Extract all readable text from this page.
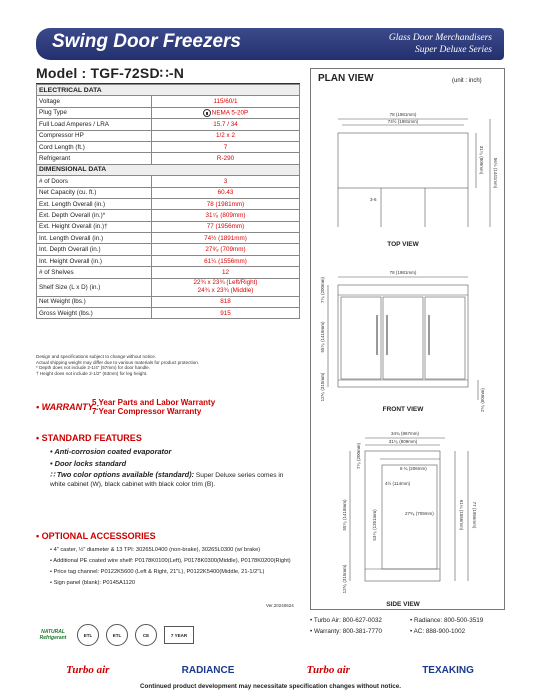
Swing Door Freezers	Glass Door Merchandisers
Super Deluxe Series
Model : TGF-72SD∷-N
ELECTRICAL DATA	
Voltage	115/60/1
Plug Type	NEMA 5-20P
Full Load Amperes / LRA	15.7 / 34
Compressor HP	1/2 x 2
Cord Length (ft.)	7
Refrigerant	R-290
DIMENSIONAL DATA	
# of Doors	3
Net Capacity (cu. ft.)	60.43
Ext. Length Overall (in.)	78 (1981mm)
Ext. Depth Overall (in.)*	31⁷⁄₈ (809mm)
Ext. Height Overall (in.)†	77 (1956mm)
Int. Length Overall (in.)	74½ (1891mm)
Int. Depth Overall (in.)	27⁸⁄₈ (709mm)
Int. Height Overall (in.)	61¼ (1556mm)
# of Shelves	12
Shelf Size (L x D) (in.)	22¾ x 23¾ (Left/Right)
24¾ x 23¾ (Middle)

Net Weight (lbs.)	818
Gross Weight (lbs.)	915
Design and specifications subject to change without notice.
Actual shipping weight may differ due to various materials for product protection.
* Depth does not include 2-1/4" (57mm) for door handle.
† Height does not include 2-1/2" (63mm) for leg height.
• WARRANTY :
5 Year Parts and Labor Warranty
7 Year Compressor Warranty
• STANDARD FEATURES
• Anti-corrosion coated evaporator
• Door locks standard
∷ Two color options available (standard): Super Deluxe series comes in white cabinet (W), black cabinet with black color trim (B).
• OPTIONAL ACCESSORIES
• 4" caster, ½" diameter & 13 TPI: 30265L0400 (non-brake), 30265L0300 (w/ brake)
• Additional PE coated wire shelf: P0178K0100(Left), P0178K0300(Middle), P0178K0200(Right)
• Price tag channel: P0122K5600 (Left & Right, 21"L), P0122K5400(Middle, 21-1/2"L)
• Sign panel (blank): P0145A1120
Ver.20240624
PLAN VIEW	(unit : inch)
78 (1981mm)
74½ (1891mm)
3-6
31⁷⁄₈ (809mm) 56½ (1441mm)
78 (1981mm)
7⁷⁄₈ (200mm)
55⁷⁄₈ (1418mm)
12⁸⁄₈ (315mm)	2⁶⁄₈ (60mm)
34¾ (867mm)
31⁷⁄₈ (809mm)
8 ¾ (206mm)
4½ (114mm)
27⁸⁄₈ (709mm)
7⁷⁄₈ (200mm)
55⁷⁄₈ (1418mm)	53⁴⁄₈ (1351mm)	61¼ (1556mm) 77 (1956mm)
12⁸⁄₈ (315mm)
TOP VIEW
FRONT VIEW
SIDE VIEW
• Turbo Air: 800-627-0032	• Radiance: 800-500-3519
• Warranty: 800-381-7770	• AC: 888-900-1002
NATURAL Refrigerant	ETL	ETL	CE	7 YEAR
Turbo air	RADIANCE	Turbo air	TEXAKING
Continued product development may necessitate specification changes without notice.
